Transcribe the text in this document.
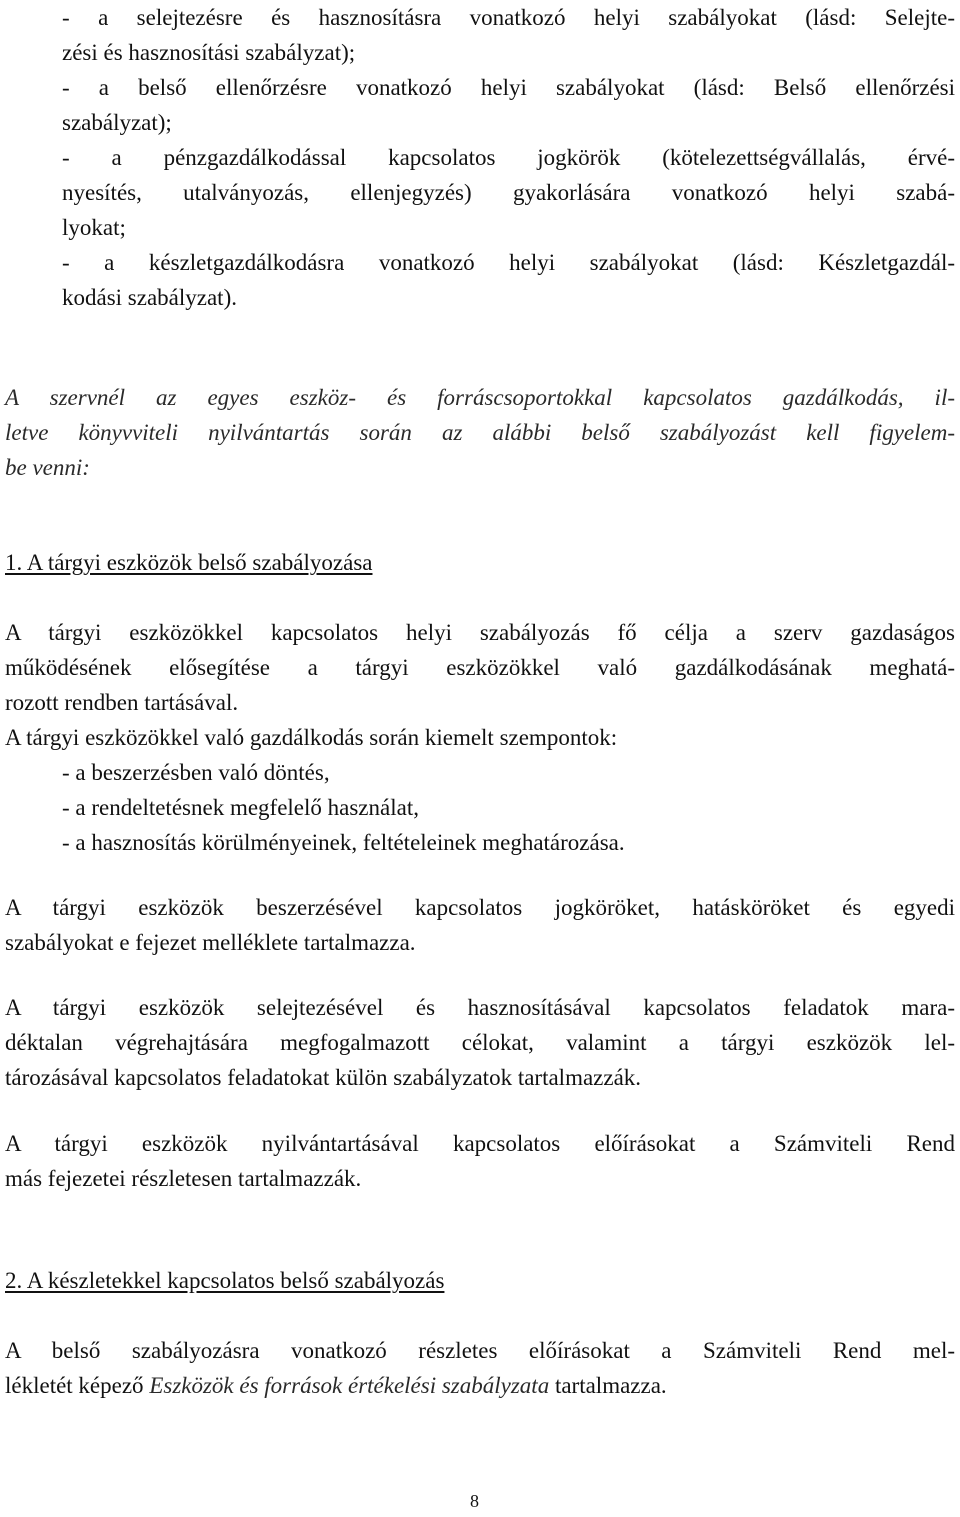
- a selejtezésre és hasznosításra vonatkozó helyi szabályokat (lásd: Selejte-
zési és hasznosítási szabályzat);
- a belső ellenőrzésre vonatkozó helyi szabályokat (lásd: Belső ellenőrzési
szabályzat);
- a pénzgazdálkodással kapcsolatos jogkörök (kötelezettségvállalás, érvé-
nyesítés, utalványozás, ellenjegyzés) gyakorlására vonatkozó helyi szabá-
lyokat;
- a készletgazdálkodásra vonatkozó helyi szabályokat (lásd: Készletgazdál-
kodási szabályzat).
A szervnél az egyes eszköz- és forráscsoportokkal kapcsolatos gazdálkodás, il-
letve könyvviteli nyilvántartás során az alábbi belső szabályozást kell figyelem-
be venni:
1. A tárgyi eszközök belső szabályozása
A tárgyi eszközökkel kapcsolatos helyi szabályozás fő célja a szerv gazdaságos
működésének elősegítése a tárgyi eszközökkel való gazdálkodásának meghatá-
rozott rendben tartásával.
A tárgyi eszközökkel való gazdálkodás során kiemelt szempontok:
- a beszerzésben való döntés,
- a rendeltetésnek megfelelő használat,
- a hasznosítás körülményeinek, feltételeinek meghatározása.
A tárgyi eszközök beszerzésével kapcsolatos jogköröket, hatásköröket és egyedi
szabályokat e fejezet melléklete tartalmazza.
A tárgyi eszközök selejtezésével és hasznosításával kapcsolatos feladatok mara-
déktalan végrehajtására megfogalmazott célokat, valamint a tárgyi eszközök lel-
tározásával kapcsolatos feladatokat külön szabályzatok tartalmazzák.
A tárgyi eszközök nyilvántartásával kapcsolatos előírásokat a Számviteli Rend
más fejezetei részletesen tartalmazzák.
2. A készletekkel kapcsolatos belső szabályozás
A belső szabályozásra vonatkozó részletes előírásokat a Számviteli Rend mel-
lékletét képező Eszközök és források értékelési szabályzata tartalmazza.
8
